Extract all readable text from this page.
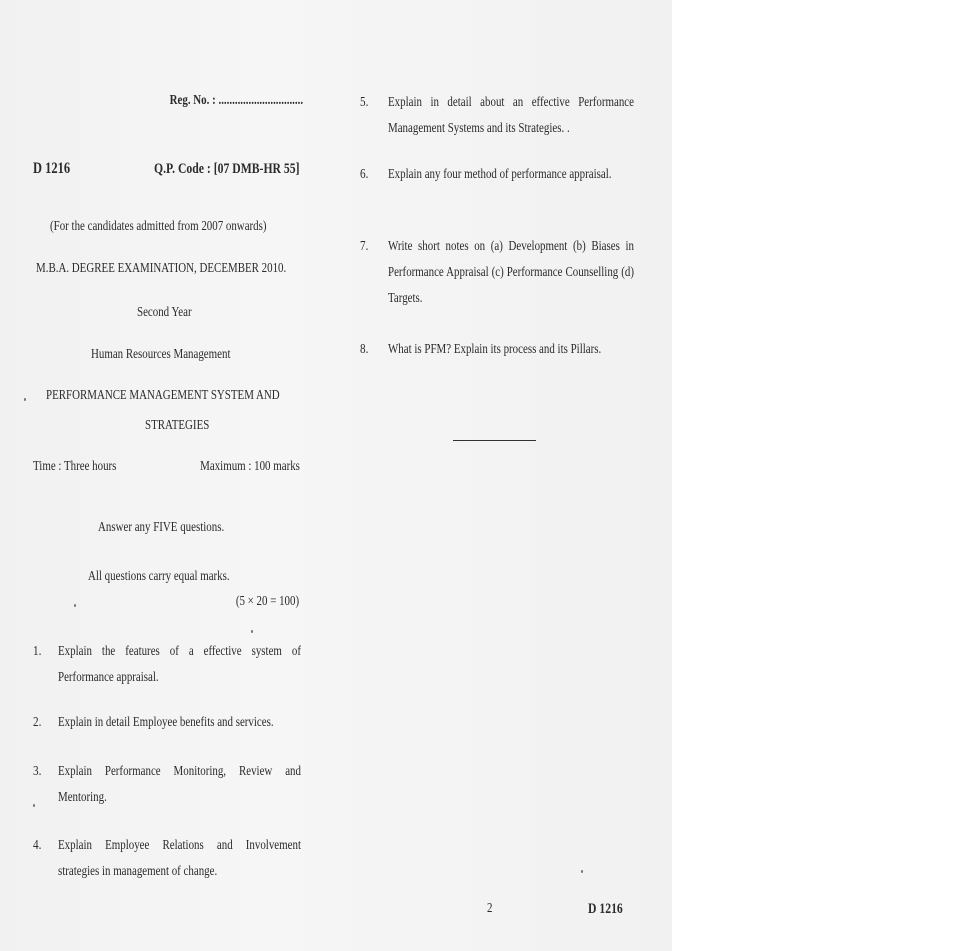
Reg. No. : ...............................
D 1216	Q.P. Code : [07 DMB-HR 55]
(For the candidates admitted from 2007 onwards)
M.B.A. DEGREE EXAMINATION, DECEMBER 2010.
Second Year
Human Resources Management
PERFORMANCE MANAGEMENT SYSTEM AND
STRATEGIES
Time : Three hours	Maximum : 100 marks
Answer any FIVE questions.
All questions carry equal marks.
(5 × 20 = 100)
1. Explain the features of a effective system of Performance appraisal.
2. Explain in detail Employee benefits and services.
3. Explain Performance Monitoring, Review and Mentoring.
4. Explain Employee Relations and Involvement strategies in management of change.
5. Explain in detail about an effective Performance Management Systems and its Strategies. .
6. Explain any four method of performance appraisal.
7. Write short notes on (a) Development (b) Biases in Performance Appraisal (c) Performance Counselling (d) Targets.
8. What is PFM? Explain its process and its Pillars.
2	D 1216
